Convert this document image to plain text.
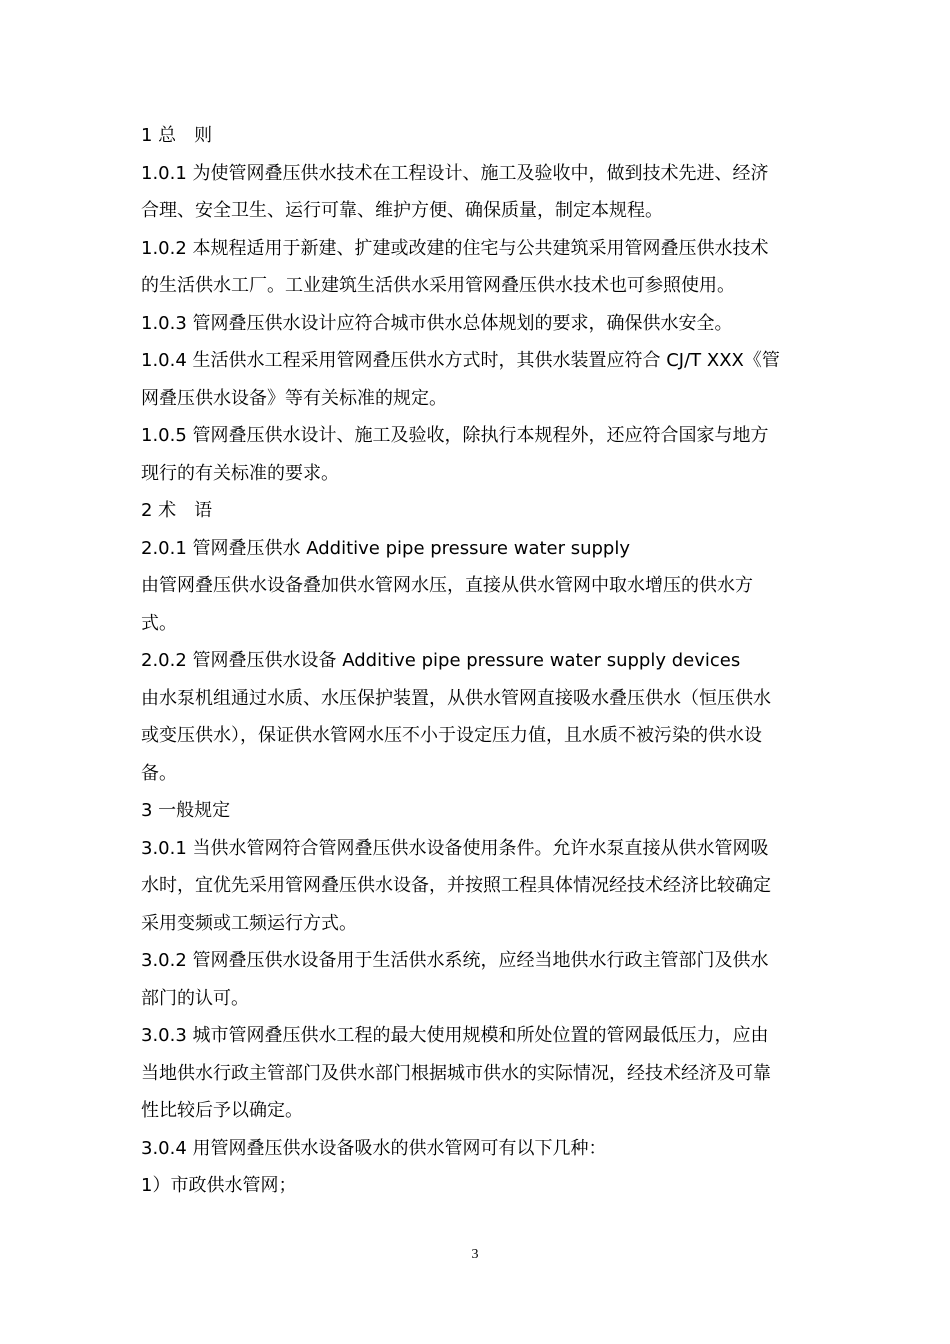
1 总　则
1.0.1 为使管网叠压供水技术在工程设计、施工及验收中，做到技术先进、经济
合理、安全卫生、运行可靠、维护方便、确保质量，制定本规程。
1.0.2 本规程适用于新建、扩建或改建的住宅与公共建筑采用管网叠压供水技术
的生活供水工厂。工业建筑生活供水采用管网叠压供水技术也可参照使用。
1.0.3 管网叠压供水设计应符合城市供水总体规划的要求，确保供水安全。
1.0.4 生活供水工程采用管网叠压供水方式时，其供水装置应符合 CJ/T XXX《管
网叠压供水设备》等有关标准的规定。
1.0.5 管网叠压供水设计、施工及验收，除执行本规程外，还应符合国家与地方
现行的有关标准的要求。
2 术　语
2.0.1 管网叠压供水 Additive pipe pressure water supply
由管网叠压供水设备叠加供水管网水压，直接从供水管网中取水增压的供水方
式。
2.0.2 管网叠压供水设备 Additive pipe pressure water supply devices
由水泵机组通过水质、水压保护装置，从供水管网直接吸水叠压供水（恒压供水
或变压供水），保证供水管网水压不小于设定压力值，且水质不被污染的供水设
备。
3 一般规定
3.0.1 当供水管网符合管网叠压供水设备使用条件。允许水泵直接从供水管网吸
水时，宜优先采用管网叠压供水设备，并按照工程具体情况经技术经济比较确定
采用变频或工频运行方式。
3.0.2 管网叠压供水设备用于生活供水系统，应经当地供水行政主管部门及供水
部门的认可。
3.0.3 城市管网叠压供水工程的最大使用规模和所处位置的管网最低压力，应由
当地供水行政主管部门及供水部门根据城市供水的实际情况，经技术经济及可靠
性比较后予以确定。
3.0.4 用管网叠压供水设备吸水的供水管网可有以下几种：
1）市政供水管网；
3
